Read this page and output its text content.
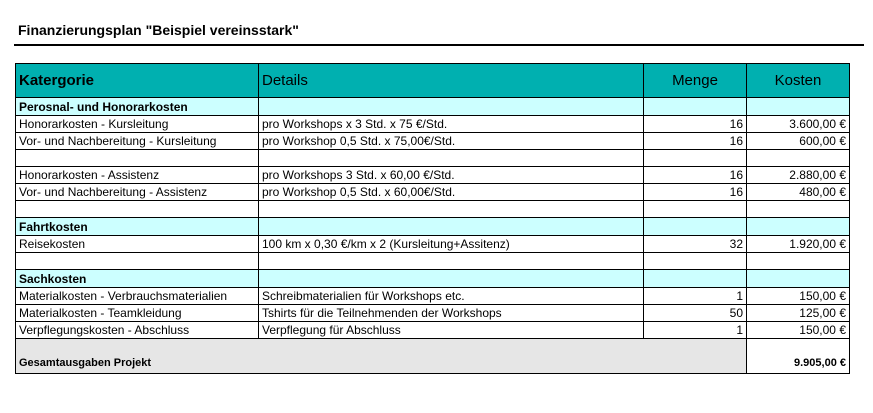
Finanzierungsplan "Beispiel vereinsstark"
Katergorie	Details	Menge	Kosten
Perosnal- und Honorarkosten			
Honorarkosten - Kursleitung	pro Workshops x 3 Std. x 75 €/Std.	16	3.600,00 €
Vor- und Nachbereitung - Kursleitung	pro Workshop 0,5 Std. x 75,00€/Std.	16	600,00 €

Honorarkosten - Assistenz	pro Workshops 3 Std. x 60,00 €/Std.	16	2.880,00 €
Vor- und Nachbereitung - Assistenz	pro Workshop 0,5 Std. x 60,00€/Std.	16	480,00 €

Fahrtkosten			
Reisekosten	100 km x 0,30 €/km x 2 (Kursleitung+Assitenz)	32	1.920,00 €

Sachkosten			
Materialkosten - Verbrauchsmaterialien	Schreibmaterialien für Workshops etc.	1	150,00 €
Materialkosten - Teamkleidung	Tshirts für die Teilnehmenden der Workshops	50	125,00 €
Verpflegungskosten - Abschluss	Verpflegung für Abschluss	1	150,00 €
Gesamtausgaben Projekt			9.905,00 €
